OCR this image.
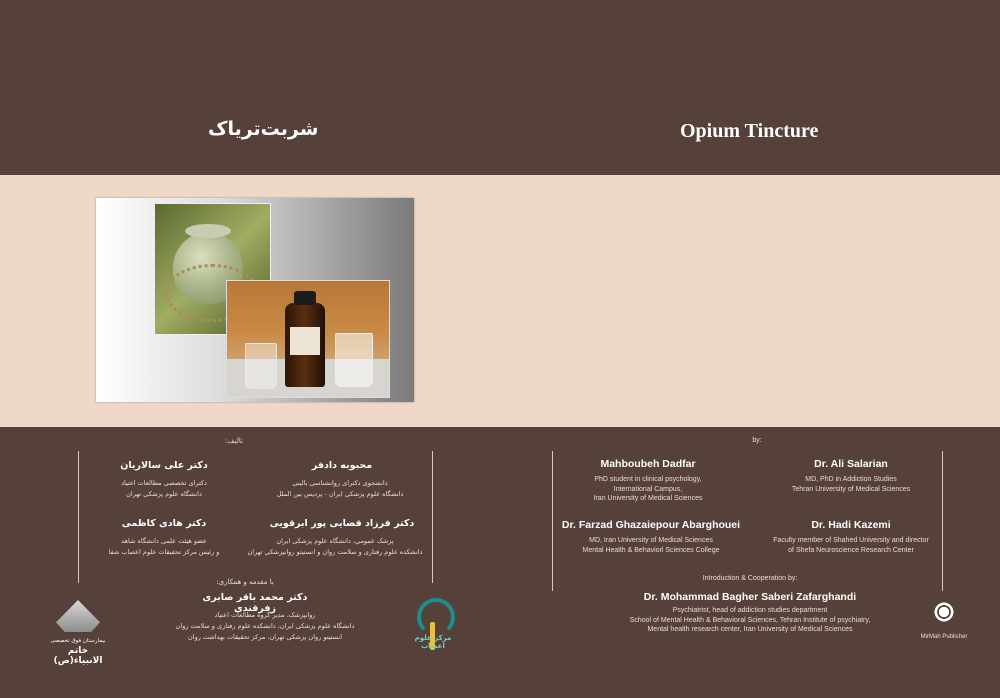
شربت‌تریاک	Opium Tincture
تالیف:
دکتر علی سالاریان
دکترای تخصصی مطالعات اعتیاد
دانشگاه علوم پزشکی تهران
محبوبه دادفر
دانشجوی دکترای روانشناسی بالینی
دانشگاه علوم پزشکی ایران - پردیس بین الملل
دکتر هادی کاظمی
عضو هیئت علمی دانشگاه شاهد
و رئیس مرکز تحقیقات علوم اعصاب شفا
دکتر فرزاد قضایی پور ابرقویی
پزشک عمومی، دانشگاه علوم پزشکی ایران
دانشکده علوم رفتاری و سلامت روان و انستیتو روانپزشکی تهران
با مقدمه و همکاری:
دکتر محمد باقر صابری زفرقندی
روانپزشک، مدیر گروه مطالعات اعتیاد
دانشگاه علوم پزشکی ایران، دانشکده علوم رفتاری و سلامت روان
انستیتو روان پزشکی تهران، مرکز تحقیقات بهداشت روان
by:
Dr. Ali Salarian
MD, PhD in Addiction Studies
Tehran University of Medical Sciences
Mahboubeh Dadfar
PhD student in clinical psychology,
International Campus,
Iran University of Medical Sciences
Dr. Hadi Kazemi
Faculty member of Shahed University and director
of Shefa Neuroscience Research Center
Dr. Farzad Ghazaiepour Abarghouei
MD, Iran University of Medical Sciences
Mental Health & Behaviorl Sciences College
Introduction & Cooperation by:
Dr. Mohammad Bagher Saberi Zafarghandi
Psychiatrist, head of addiction studies department
School of Mental Health & Behavioral Sciences, Tehran Institute of psychiatry,
Mental health research center, Iran University of Medical Sciences
بیمارستان فوق تخصصی
خاتم الانبیاء(ص)
مرکز علوم اعصاب
MirMah Publisher
